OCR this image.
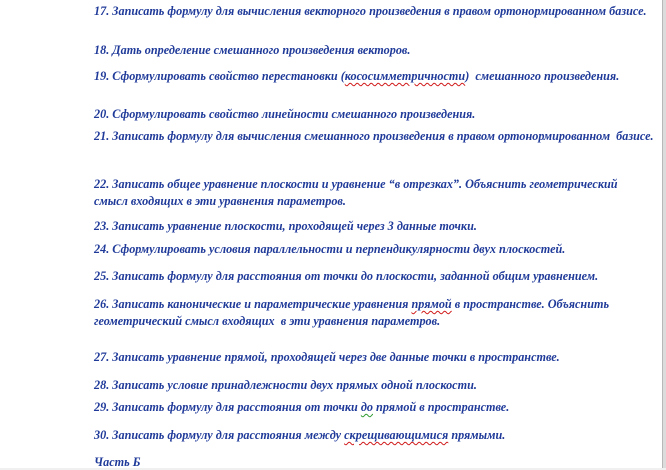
17. Записать формулу для вычисления векторного произведения в правом ортонормированном базисе.

18. Дать определение смешанного произведения векторов.

19. Сформулировать свойство перестановки (кососимметричности)  смешанного произведения.

20. Сформулировать свойство линейности смешанного произведения.

21. Записать формулу для вычисления смешанного произведения в правом ортонормированном  базисе.

22. Записать общее уравнение плоскости и уравнение “в отрезках”. Объяснить геометрический смысл входящих в эти уравнения параметров.

23. Записать уравнение плоскости, проходящей через 3 данные точки.

24. Сформулировать условия параллельности и перпендикулярности двух плоскостей.

25. Записать формулу для расстояния от точки до плоскости, заданной общим уравнением.

26. Записать канонические и параметрические уравнения прямой в пространстве. Объяснить геометрический смысл входящих  в эти уравнения параметров.

27. Записать уравнение прямой, проходящей через две данные точки в пространстве.

28. Записать условие принадлежности двух прямых одной плоскости.

29. Записать формулу для расстояния от точки до прямой в пространстве.

30. Записать формулу для расстояния между скрещивающимися прямыми.

Часть Б
